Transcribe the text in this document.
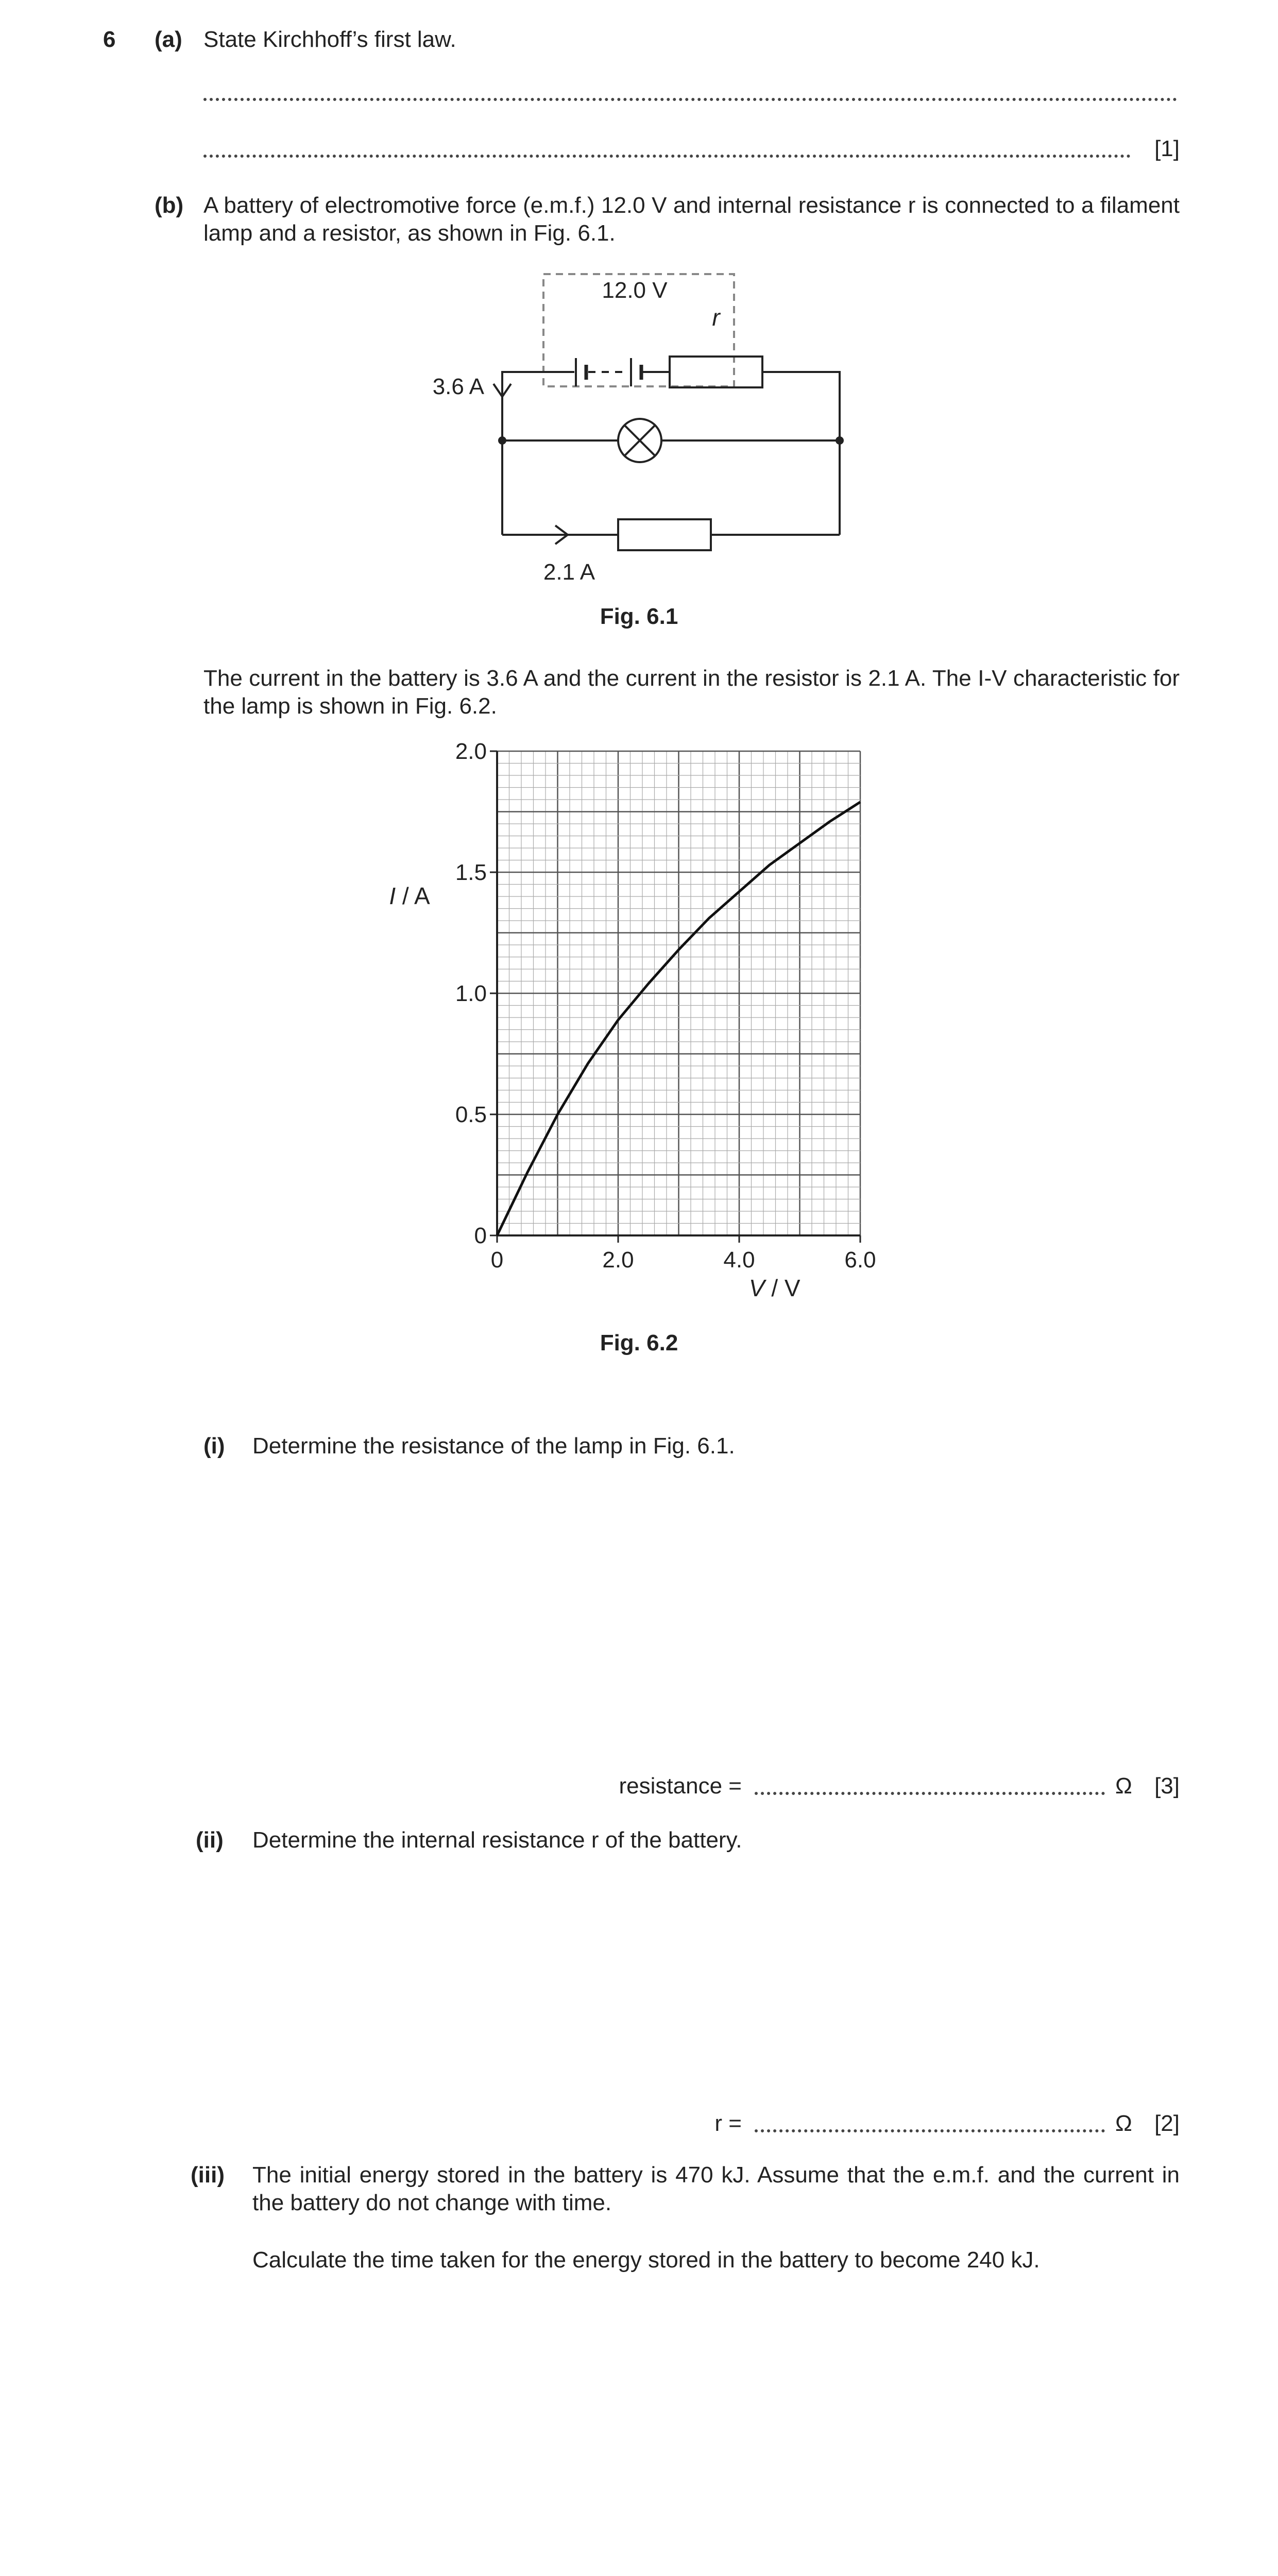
6 (a) State Kirchhoff’s first law.
[1]
(b) A battery of electromotive force (e.m.f.) 12.0 V and internal resistance r is connected to a filament lamp and a resistor, as shown in Fig. 6.1.
12.0 V
r
3.6 A
2.1 A
Fig. 6.1
The current in the battery is 3.6 A and the current in the resistor is 2.1 A. The I-V characteristic for the lamp is shown in Fig. 6.2.
0	2.0	4.0	6.0
0
0.5
1.0
1.5
2.0
I / A
V / V
Fig. 6.2
(i) Determine the resistance of the lamp in Fig. 6.1.
resistance =	Ω [3]
(ii) Determine the internal resistance r of the battery.
r =	Ω [2]
(iii) The initial energy stored in the battery is 470 kJ. Assume that the e.m.f. and the current in the battery do not change with time.
Calculate the time taken for the energy stored in the battery to become 240 kJ.
